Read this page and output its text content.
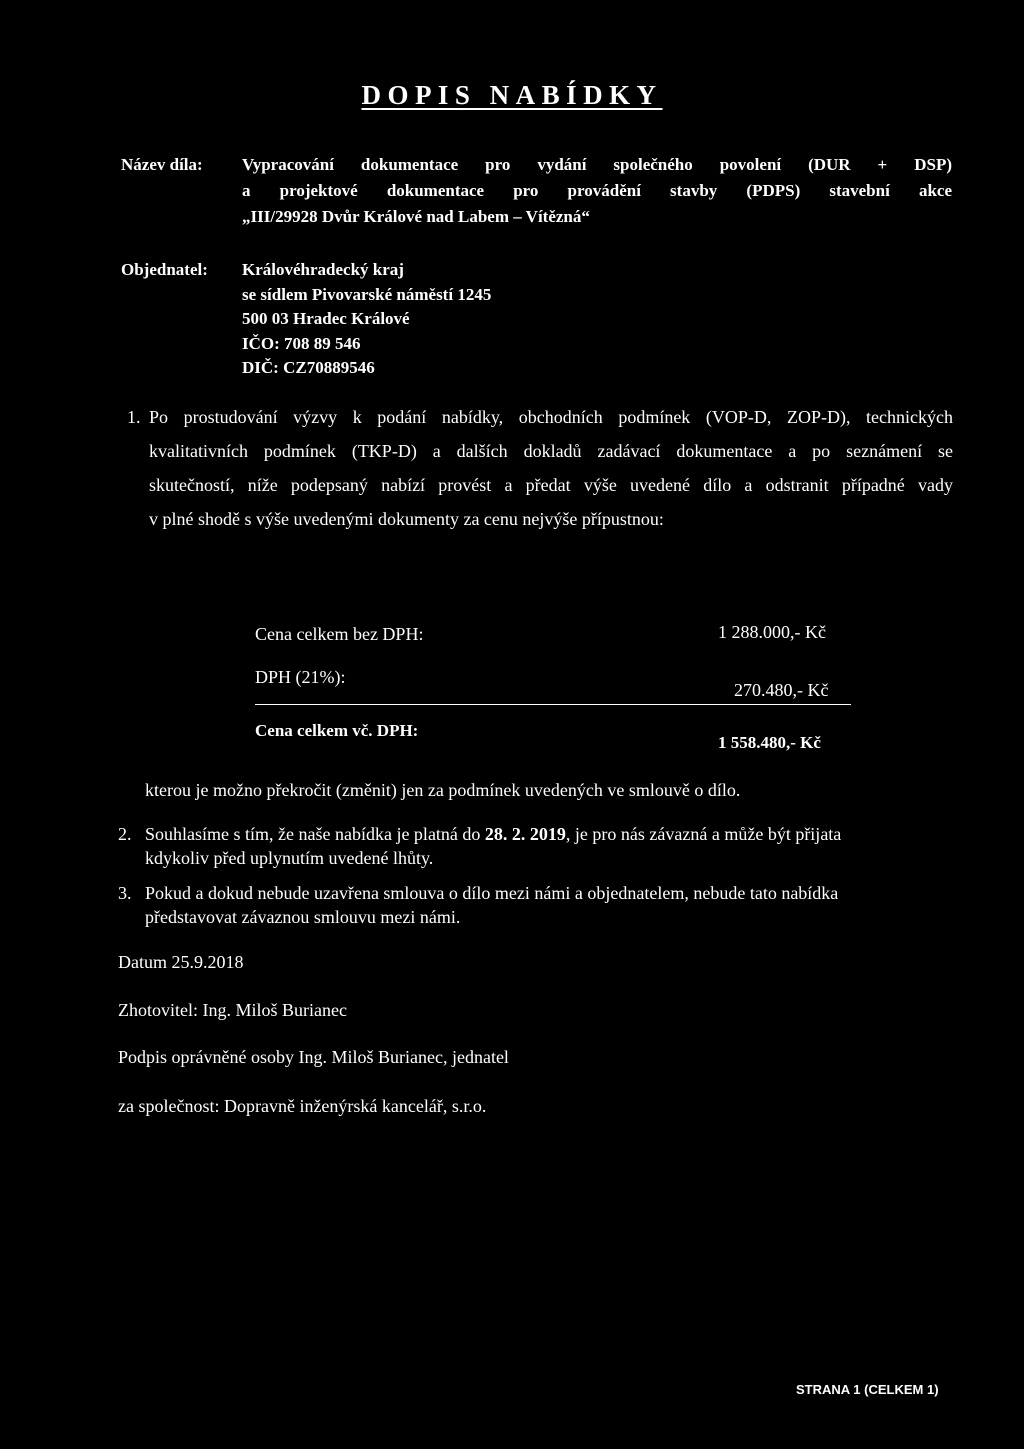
DOPIS NABÍDKY
Název díla: Vypracování dokumentace pro vydání společného povolení (DUR + DSP)
a projektové dokumentace pro provádění stavby (PDPS) stavební akce
„III/29928 Dvůr Králové nad Labem – Vítězná“
Objednatel: Královéhradecký kraj
se sídlem Pivovarské náměstí 1245
500 03 Hradec Králové
IČO: 708 89 546
DIČ: CZ70889546
1. Po prostudování výzvy k podání nabídky, obchodních podmínek (VOP-D, ZOP-D), technických
kvalitativních podmínek (TKP-D) a dalších dokladů zadávací dokumentace a po seznámení se
skutečností, níže podepsaný nabízí provést a předat výše uvedené dílo a odstranit případné vady
v plné shodě s výše uvedenými dokumenty za cenu nejvýše přípustnou:
Cena celkem bez DPH:	1 288.000,- Kč
DPH (21%):
270.480,- Kč
Cena celkem vč. DPH:
1 558.480,- Kč
kterou je možno překročit (změnit) jen za podmínek uvedených ve smlouvě o dílo.
2. Souhlasíme s tím, že naše nabídka je platná do 28. 2. 2019, je pro nás závazná a může být přijata
kdykoliv před uplynutím uvedené lhůty.
3. Pokud a dokud nebude uzavřena smlouva o dílo mezi námi a objednatelem, nebude tato nabídka
představovat závaznou smlouvu mezi námi.
Datum 25.9.2018
Zhotovitel: Ing. Miloš Burianec
Podpis oprávněné osoby Ing. Miloš Burianec, jednatel
za společnost: Dopravně inženýrská kancelář, s.r.o.
STRANA 1 (CELKEM 1)
